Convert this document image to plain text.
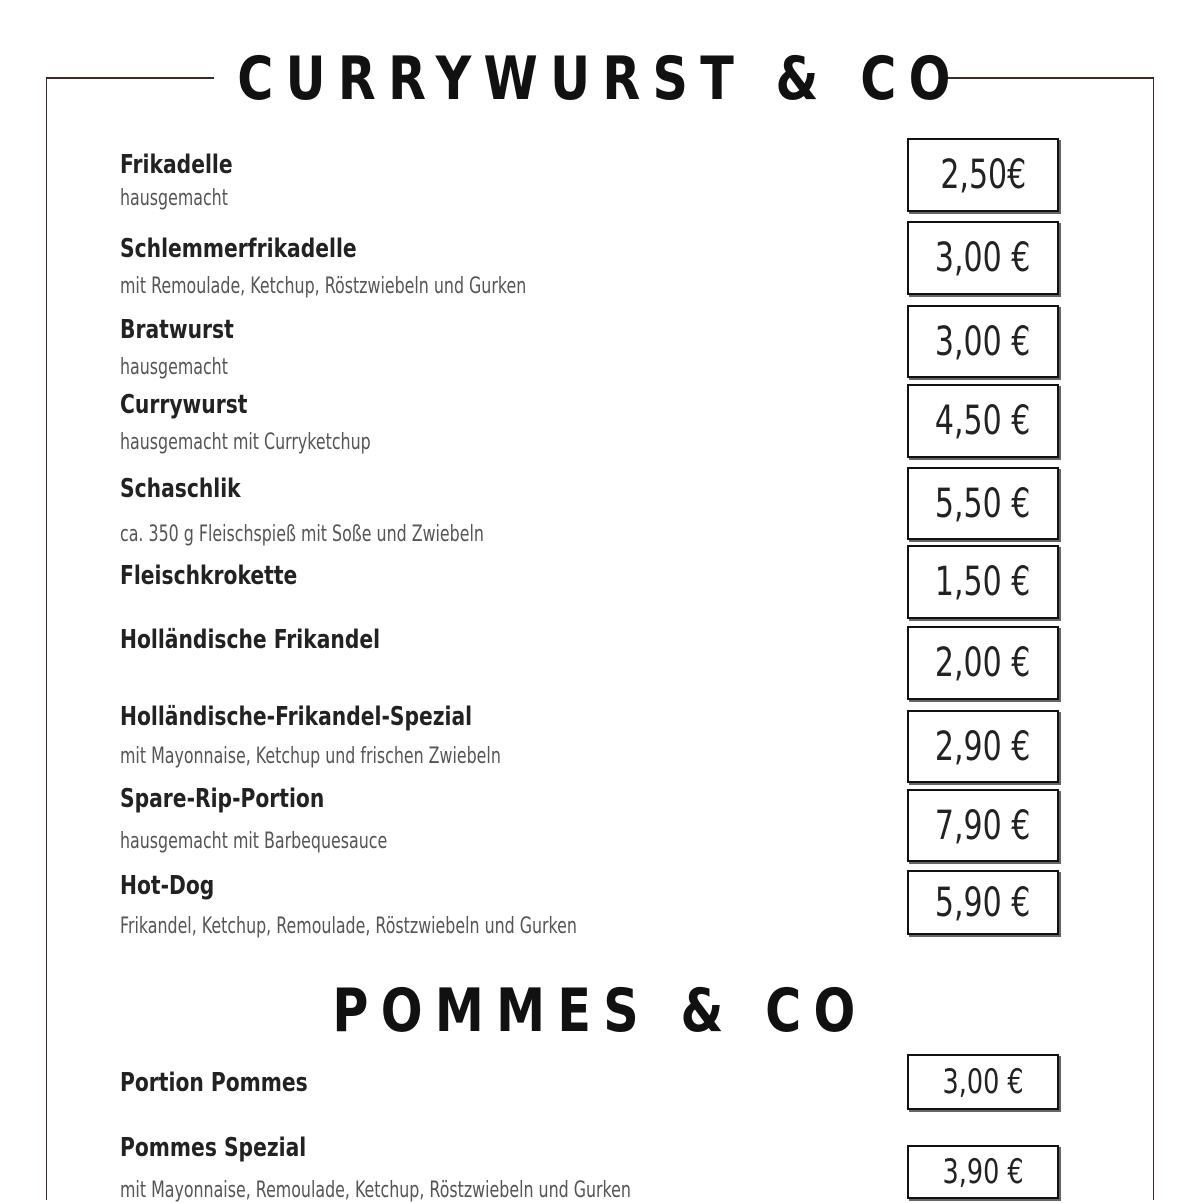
CURRYWURST & CO
Frikadelle
hausgemacht
2,50€
Schlemmerfrikadelle
mit Remoulade, Ketchup, Röstzwiebeln und Gurken
3,00 €
Bratwurst
hausgemacht
3,00 €
Currywurst
hausgemacht mit Curryketchup	4,50 €
Schaschlik
ca. 350 g Fleischspieß mit Soße und Zwiebeln
5,50 €
Fleischkrokette	1,50 €
Holländische Frikandel	2,00 €
Holländische-Frikandel-Spezial
mit Mayonnaise, Ketchup und frischen Zwiebeln	2,90 €
Spare-Rip-Portion
hausgemacht mit Barbequesauce	7,90 €
Hot-Dog
Frikandel, Ketchup, Remoulade, Röstzwiebeln und Gurken
5,90 €
POMMES & CO
Portion Pommes	3,00 €
Pommes Spezial
mit Mayonnaise, Remoulade, Ketchup, Röstzwiebeln und Gurken	3,90 €
